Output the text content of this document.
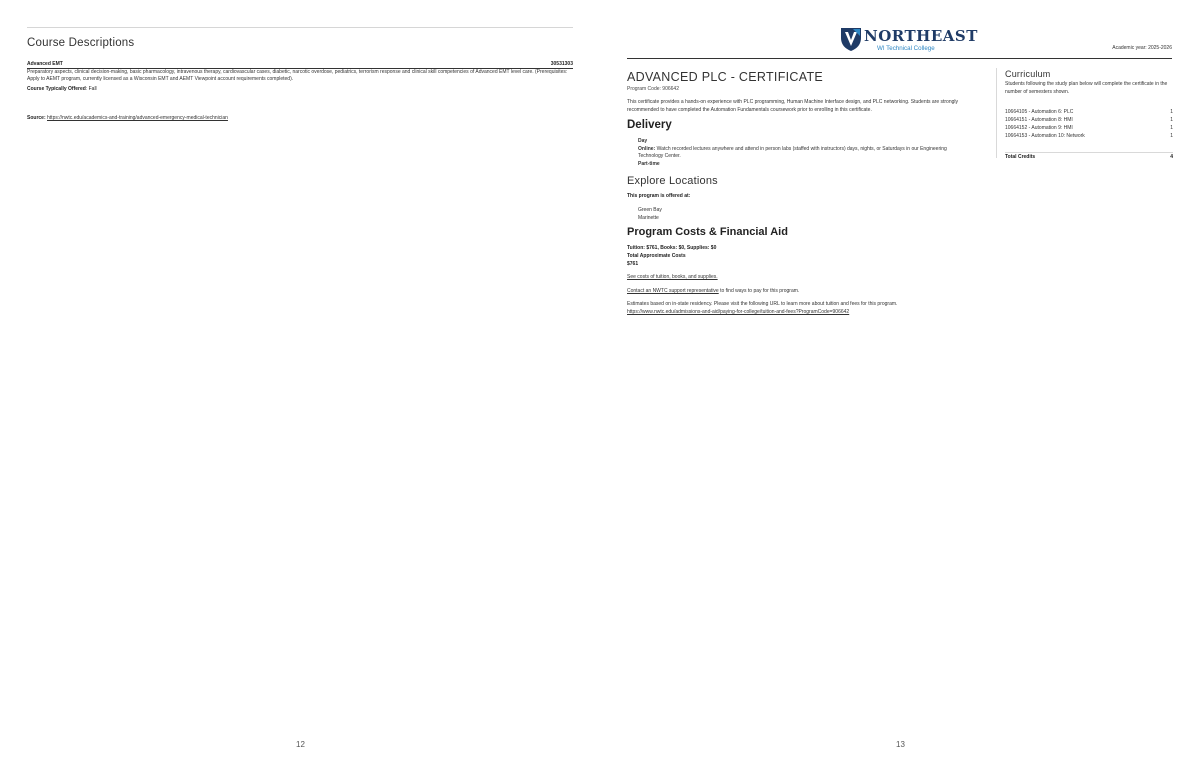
Course Descriptions
Advanced EMT	30531303
Preparatory aspects, clinical decision-making, basic pharmacology, intravenous therapy, cardiovascular cases, diabetic, narcotic overdose, pediatrics, terrorism response and clinical skill competencies of Advanced EMT level care. (Prerequisites: Apply to AEMT program, currently licensed as a Wisconsin EMT and AEMT Viewpoint account requirements completed).
Course Typically Offered: Fall
Source: https://nwtc.edu/academics-and-training/advanced-emergency-medical-technician
12
NORTHEAST
WI Technical College	Academic year: 2025-2026
ADVANCED PLC - CERTIFICATE
Program Code: 906642
This certificate provides a hands-on experience with PLC programming, Human Machine Interface design, and PLC networking. Students are strongly recommended to have completed the Automation Fundamentals coursework prior to enrolling in this certificate.
Delivery
Day
Online: Watch recorded lectures anywhere and attend in person labs (staffed with instructors) days, nights, or Saturdays in our Engineering Technology Center.
Part-time
Explore Locations
This program is offered at:
Green Bay
Marinette
Program Costs & Financial Aid
Tuition: $761, Books: $0, Supplies: $0
Total Approximate Costs
$761
See costs of tuition, books, and supplies.
Contact an NWTC support representative to find ways to pay for this program.
Estimates based on in-state residency. Please visit the following URL to learn more about tuition and fees for this program.
https://www.nwtc.edu/admissions-and-aid/paying-for-college/tuition-and-fees?ProgramCode=906642
Curriculum
Students following the study plan below will complete the certificate in the number of semesters shown.
10664105 - Automation 6: PLC	1
10664151 - Automation 8: HMI	1
10664152 - Automation 9: HMI	1
10664153 - Automation 10: Network	1
Total Credits	4
13
